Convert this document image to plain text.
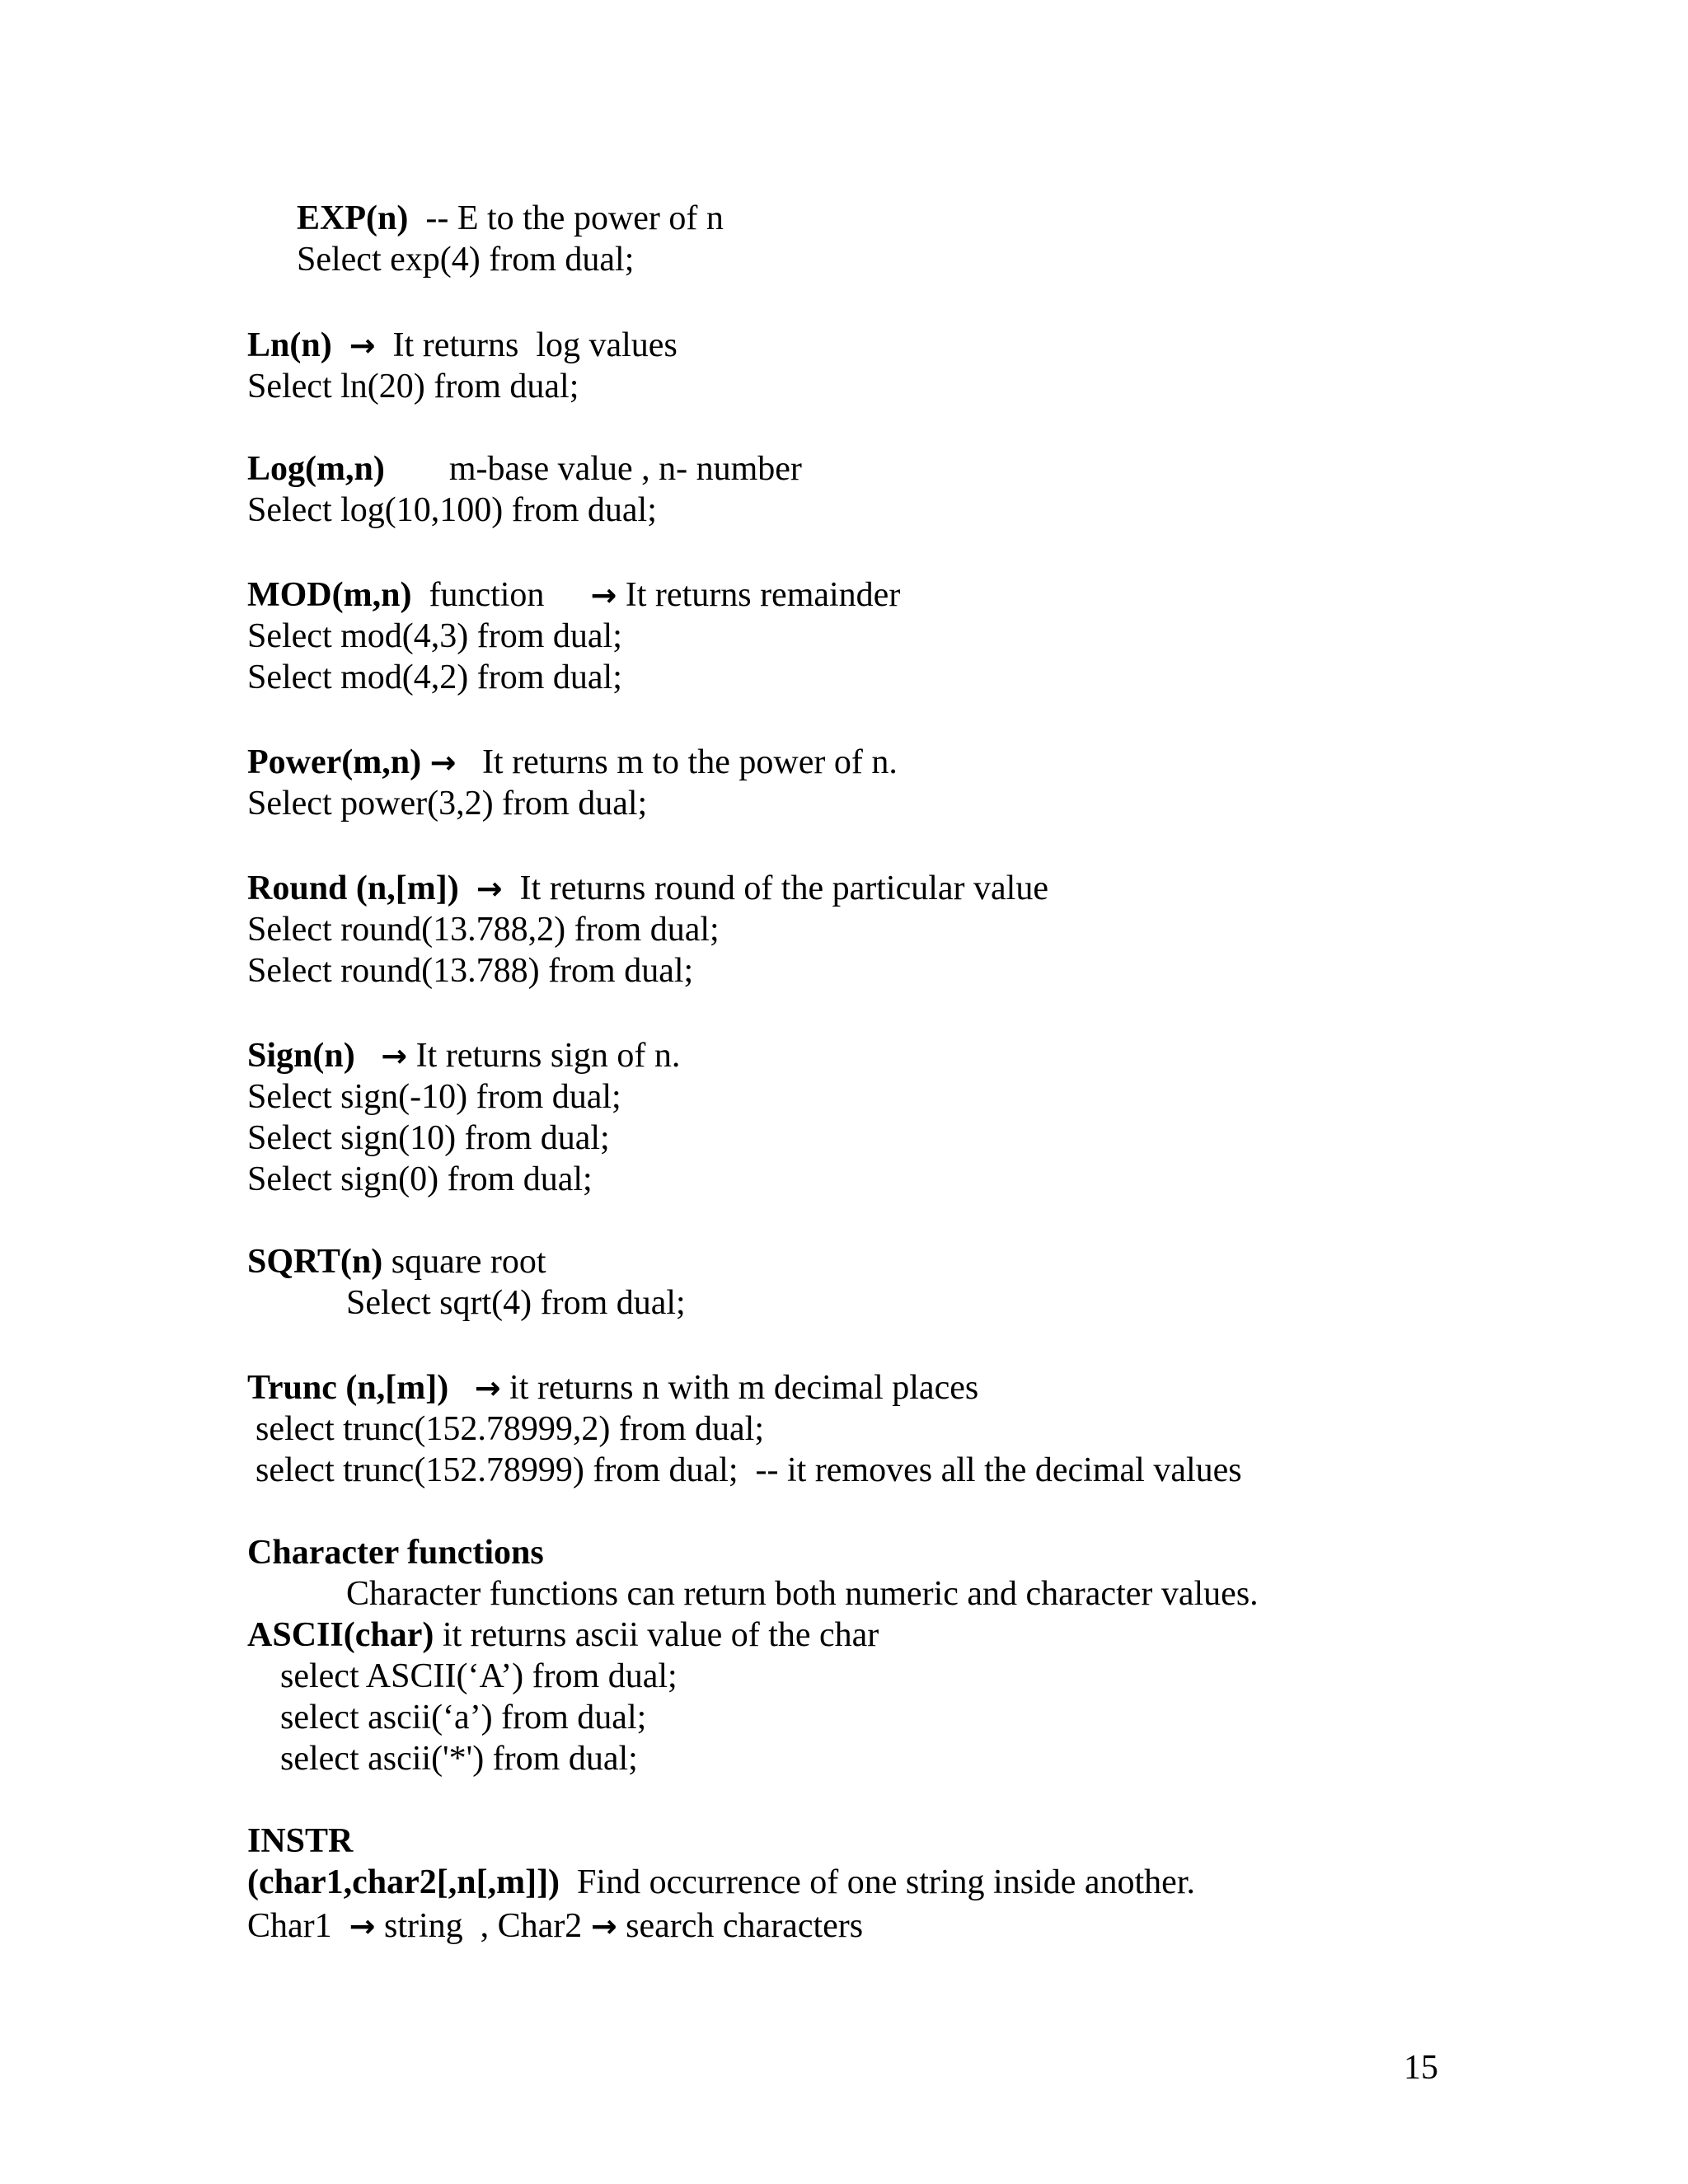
EXP(n)  -- E to the power of n
Select exp(4) from dual;
Ln(n) → It returns  log values
Select ln(20) from dual;
Log(m,n) m-base value , n- number
Select log(10,100) from dual;
MOD(m,n) function → It returns remainder
Select mod(4,3) from dual;
Select mod(4,2) from dual;
Power(m,n) → It returns m to the power of n.
Select power(3,2) from dual;
Round (n,[m]) → It returns round of the particular value
Select round(13.788,2) from dual;
Select round(13.788) from dual;
Sign(n) → It returns sign of n.
Select sign(-10) from dual;
Select sign(10) from dual;
Select sign(0) from dual;
SQRT(n) square root
Select sqrt(4) from dual;
Trunc (n,[m]) → it returns n with m decimal places
select trunc(152.78999,2) from dual;
select trunc(152.78999) from dual;  -- it removes all the decimal values
Character functions
Character functions can return both numeric and character values.
ASCII(char) it returns ascii value of the char
select ASCII(‘A’) from dual;
select ascii(‘a’) from dual;
select ascii('*') from dual;
INSTR
(char1,char2[,n[,m]])  Find occurrence of one string inside another.
Char1 → string  , Char2 → search characters
15
